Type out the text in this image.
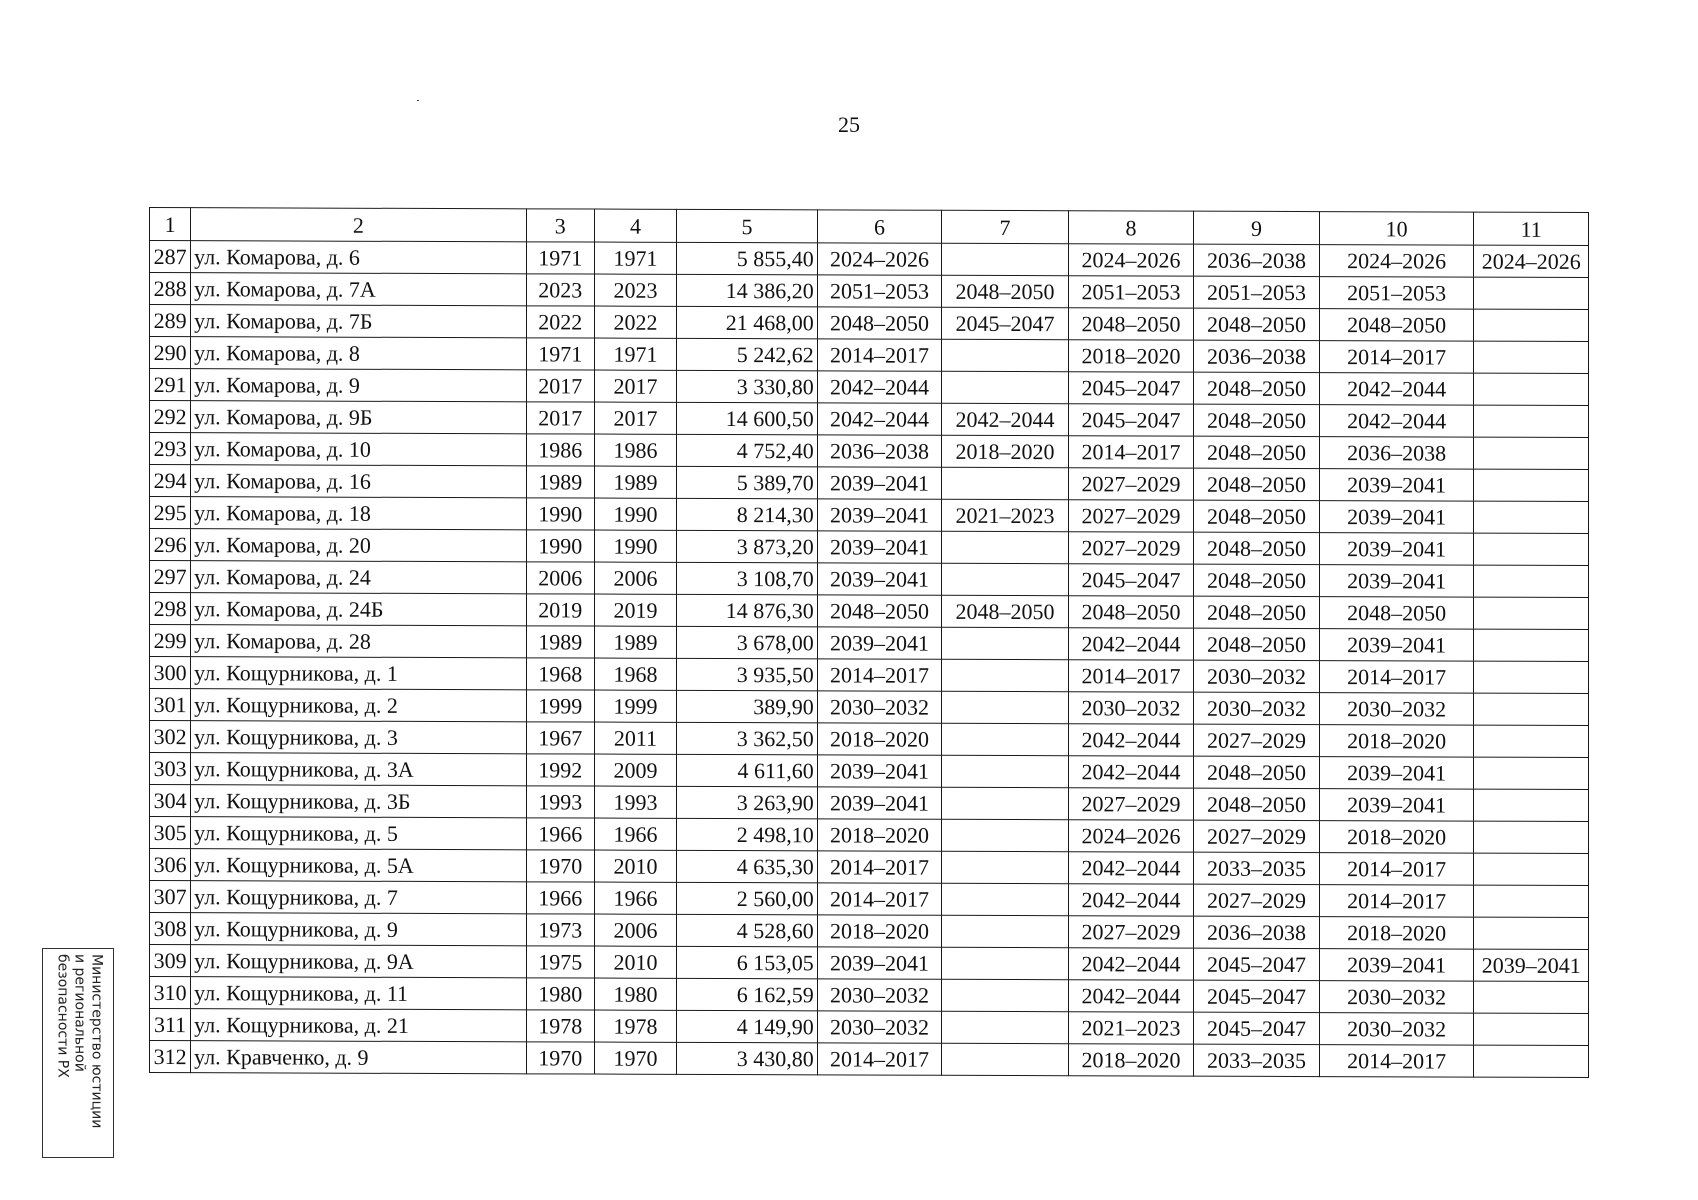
25
1	2	3	4	5	6	7	8	9	10	11
287	ул. Комарова, д. 6	1971	1971	5 855,40	2024–2026		2024–2026	2036–2038	2024–2026	2024–2026
288	ул. Комарова, д. 7А	2023	2023	14 386,20	2051–2053	2048–2050	2051–2053	2051–2053	2051–2053	
289	ул. Комарова, д. 7Б	2022	2022	21 468,00	2048–2050	2045–2047	2048–2050	2048–2050	2048–2050	
290	ул. Комарова, д. 8	1971	1971	5 242,62	2014–2017		2018–2020	2036–2038	2014–2017	
291	ул. Комарова, д. 9	2017	2017	3 330,80	2042–2044		2045–2047	2048–2050	2042–2044	
292	ул. Комарова, д. 9Б	2017	2017	14 600,50	2042–2044	2042–2044	2045–2047	2048–2050	2042–2044	
293	ул. Комарова, д. 10	1986	1986	4 752,40	2036–2038	2018–2020	2014–2017	2048–2050	2036–2038	
294	ул. Комарова, д. 16	1989	1989	5 389,70	2039–2041		2027–2029	2048–2050	2039–2041	
295	ул. Комарова, д. 18	1990	1990	8 214,30	2039–2041	2021–2023	2027–2029	2048–2050	2039–2041	
296	ул. Комарова, д. 20	1990	1990	3 873,20	2039–2041		2027–2029	2048–2050	2039–2041	
297	ул. Комарова, д. 24	2006	2006	3 108,70	2039–2041		2045–2047	2048–2050	2039–2041	
298	ул. Комарова, д. 24Б	2019	2019	14 876,30	2048–2050	2048–2050	2048–2050	2048–2050	2048–2050	
299	ул. Комарова, д. 28	1989	1989	3 678,00	2039–2041		2042–2044	2048–2050	2039–2041	
300	ул. Кощурникова, д. 1	1968	1968	3 935,50	2014–2017		2014–2017	2030–2032	2014–2017	
301	ул. Кощурникова, д. 2	1999	1999	389,90	2030–2032		2030–2032	2030–2032	2030–2032	
302	ул. Кощурникова, д. 3	1967	2011	3 362,50	2018–2020		2042–2044	2027–2029	2018–2020	
303	ул. Кощурникова, д. 3А	1992	2009	4 611,60	2039–2041		2042–2044	2048–2050	2039–2041	
304	ул. Кощурникова, д. 3Б	1993	1993	3 263,90	2039–2041		2027–2029	2048–2050	2039–2041	
305	ул. Кощурникова, д. 5	1966	1966	2 498,10	2018–2020		2024–2026	2027–2029	2018–2020	
306	ул. Кощурникова, д. 5А	1970	2010	4 635,30	2014–2017		2042–2044	2033–2035	2014–2017	
307	ул. Кощурникова, д. 7	1966	1966	2 560,00	2014–2017		2042–2044	2027–2029	2014–2017	
308	ул. Кощурникова, д. 9	1973	2006	4 528,60	2018–2020		2027–2029	2036–2038	2018–2020	
309	ул. Кощурникова, д. 9А	1975	2010	6 153,05	2039–2041		2042–2044	2045–2047	2039–2041	2039–2041
310	ул. Кощурникова, д. 11	1980	1980	6 162,59	2030–2032		2042–2044	2045–2047	2030–2032	
311	ул. Кощурникова, д. 21	1978	1978	4 149,90	2030–2032		2021–2023	2045–2047	2030–2032	
312	ул. Кравченко, д. 9	1970	1970	3 430,80	2014–2017		2018–2020	2033–2035	2014–2017	
Министерство юстиции
и региональной
безопасности РХ
